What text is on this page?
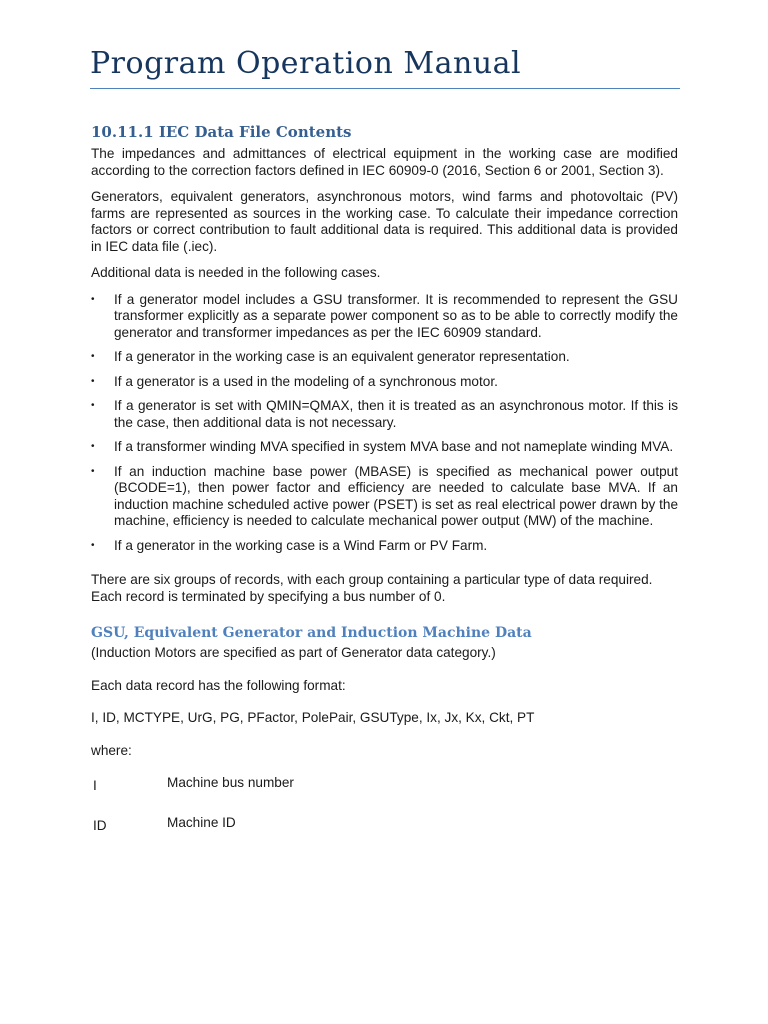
Program Operation Manual
10.11.1 IEC Data File Contents

The impedances and admittances of electrical equipment in the working case are modified according to the correction factors defined in IEC 60909-0 (2016, Section 6 or 2001, Section 3).

Generators, equivalent generators, asynchronous motors, wind farms and photovoltaic (PV) farms are represented as sources in the working case. To calculate their impedance correction factors or correct contribution to fault additional data is required. This additional data is provided in IEC data file (.iec).

Additional data is needed in the following cases.

• If a generator model includes a GSU transformer. It is recommended to represent the GSU transformer explicitly as a separate power component so as to be able to correctly modify the generator and transformer impedances as per the IEC 60909 standard.
• If a generator in the working case is an equivalent generator representation.
• If a generator is a used in the modeling of a synchronous motor.
• If a generator is set with QMIN=QMAX, then it is treated as an asynchronous motor. If this is the case, then additional data is not necessary.
• If a transformer winding MVA specified in system MVA base and not nameplate winding MVA.
• If an induction machine base power (MBASE) is specified as mechanical power output (BCODE=1), then power factor and efficiency are needed to calculate base MVA. If an induction machine scheduled active power (PSET) is set as real electrical power drawn by the machine, efficiency is needed to calculate mechanical power output (MW) of the machine.
• If a generator in the working case is a Wind Farm or PV Farm.

There are six groups of records, with each group containing a particular type of data required. Each record is terminated by specifying a bus number of 0.

GSU, Equivalent Generator and Induction Machine Data

(Induction Motors are specified as part of Generator data category.)

Each data record has the following format:

I, ID, MCTYPE, UrG, PG, PFactor, PolePair, GSUType, Ix, Jx, Kx, Ckt, PT

where:

I	Machine bus number
ID	Machine ID
